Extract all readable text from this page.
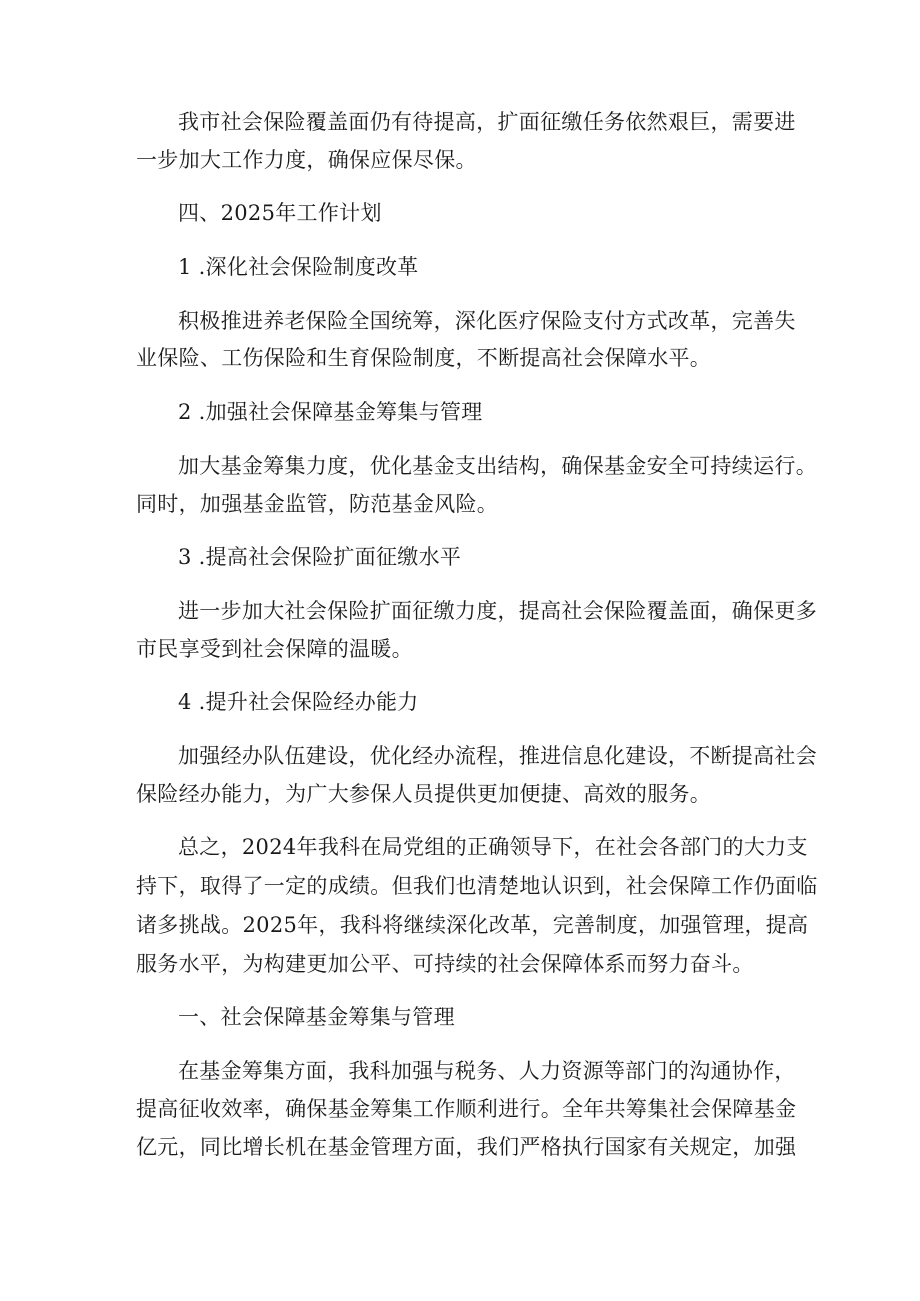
我市社会保险覆盖面仍有待提高，扩面征缴任务依然艰巨，需要进
一步加大工作力度，确保应保尽保。
四、2025年工作计划
1 .深化社会保险制度改革
积极推进养老保险全国统筹，深化医疗保险支付方式改革，完善失
业保险、工伤保险和生育保险制度，不断提高社会保障水平。
2 .加强社会保障基金筹集与管理
加大基金筹集力度，优化基金支出结构，确保基金安全可持续运行。
同时，加强基金监管，防范基金风险。
3 .提高社会保险扩面征缴水平
进一步加大社会保险扩面征缴力度，提高社会保险覆盖面，确保更多
市民享受到社会保障的温暖。
4 .提升社会保险经办能力
加强经办队伍建设，优化经办流程，推进信息化建设，不断提高社会
保险经办能力，为广大参保人员提供更加便捷、高效的服务。
总之，2024年我科在局党组的正确领导下，在社会各部门的大力支
持下，取得了一定的成绩。但我们也清楚地认识到，社会保障工作仍面临
诸多挑战。2025年，我科将继续深化改革，完善制度，加强管理，提高
服务水平，为构建更加公平、可持续的社会保障体系而努力奋斗。
一、社会保障基金筹集与管理
在基金筹集方面，我科加强与税务、人力资源等部门的沟通协作，
提高征收效率，确保基金筹集工作顺利进行。全年共筹集社会保障基金
亿元，同比增长机在基金管理方面，我们严格执行国家有关规定，加强
